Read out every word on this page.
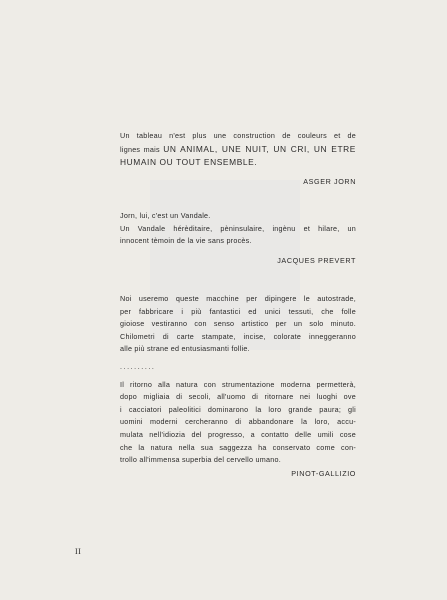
Un tableau n'est plus une construction de couleurs et de
lignes mais UN ANIMAL, UNE NUIT, UN CRI, UN ETRE
HUMAIN OU TOUT ENSEMBLE.

ASGER JORN

Jorn, lui, c'est un Vandale.
Un Vandale hérèditaire, pèninsulaire, ingènu et hilare, un
innocent tèmoin de la vie sans procès.

JACQUES PREVERT

Noi useremo queste macchine per dipingere le autostrade,
per fabbricare i più fantastici ed unici tessuti, che folle
gioiose vestiranno con senso artistico per un solo minuto.
Chilometri di carte stampate, incise, colorate inneggeranno
alle più strane ed entusiasmanti follie.

..........

Il ritorno alla natura con strumentazione moderna permetterà,
dopo migliaia di secoli, all'uomo di ritornare nei luoghi ove
i cacciatori paleolitici dominarono la loro grande paura; gli
uomini moderni cercheranno di abbandonare la loro, accu-
mulata nell'idiozia del progresso, a contatto delle umili cose
che la natura nella sua saggezza ha conservato come con-
trollo all'immensa superbia del cervello umano.

PINOT-GALLIZIO
II
